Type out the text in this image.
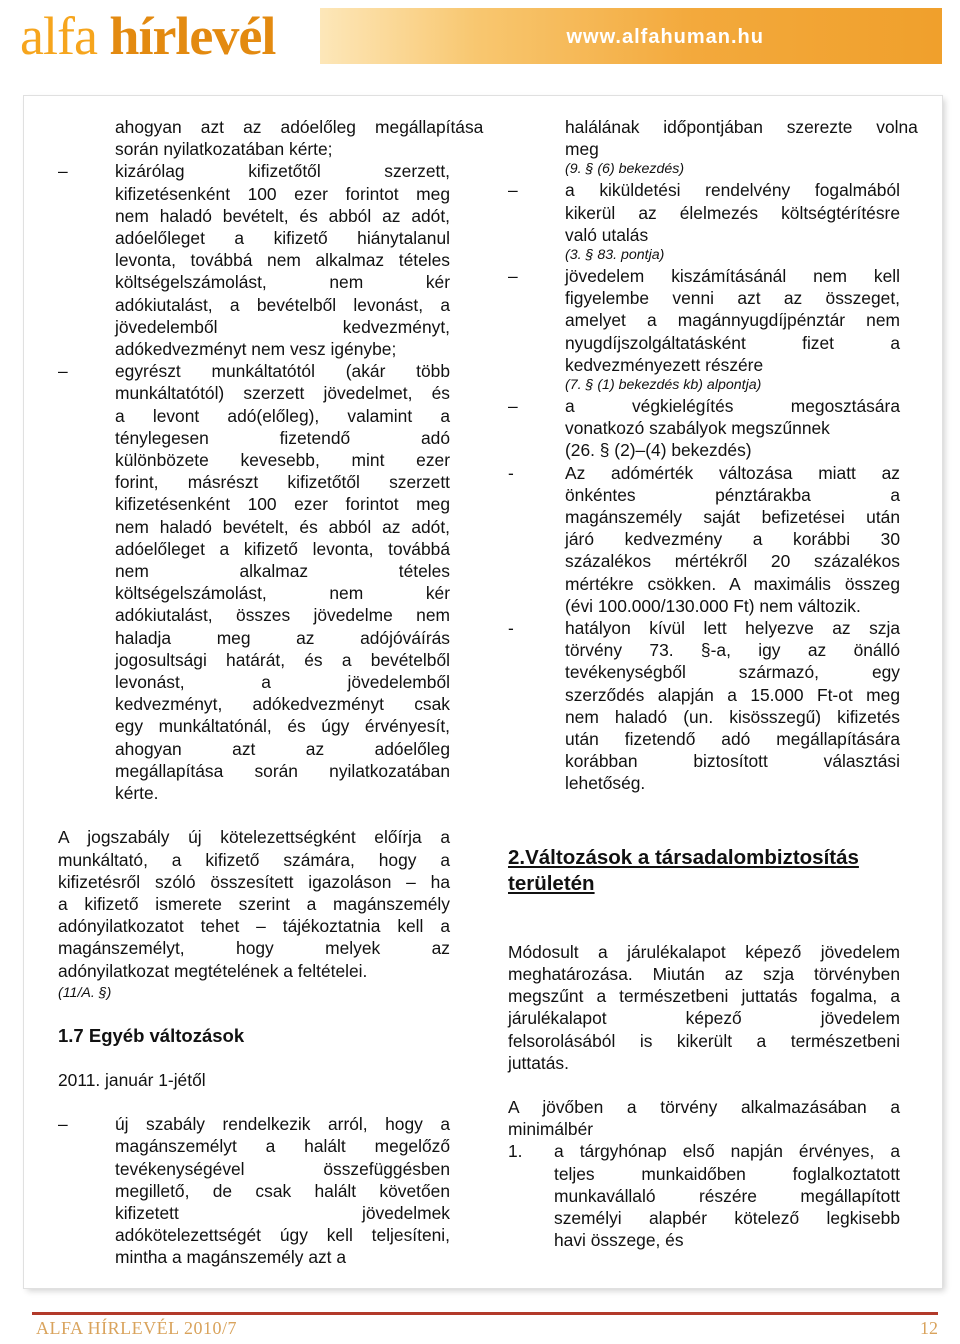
alfa hírlevél	www.alfahuman.hu
ahogyan azt az adóelőleg megállapítása
során nyilatkozatában kérte;
–	kizárólag kifizetőtől szerzett,
kifizetésenként 100 ezer forintot meg
nem haladó bevételt, és abból az adót,
adóelőleget a kifizető hiánytalanul
levonta, továbbá nem alkalmaz tételes
költségelszámolást, nem kér
adókiutalást, a bevételből levonást, a
jövedelemből kedvezményt,
adókedvezményt nem vesz igénybe;
–	egyrészt munkáltatótól (akár több
munkáltatótól) szerzett jövedelmet, és
a levont adó(előleg), valamint a
ténylegesen fizetendő adó
különbözete kevesebb, mint ezer
forint, másrészt kifizetőtől szerzett
kifizetésenként 100 ezer forintot meg
nem haladó bevételt, és abból az adót,
adóelőleget a kifizető levonta, továbbá
nem alkalmaz tételes
költségelszámolást, nem kér
adókiutalást, összes jövedelme nem
haladja meg az adójóváírás
jogosultsági határát, és a bevételből
levonást, a jövedelemből
kedvezményt, adókedvezményt csak
egy munkáltatónál, és úgy érvényesít,
ahogyan azt az adóelőleg
megállapítása során nyilatkozatában
kérte.
A jogszabály új kötelezettségként előírja a
munkáltató, a kifizető számára, hogy a
kifizetésről szóló összesített igazoláson – ha
a kifizető ismerete szerint a magánszemély
adónyilatkozatot tehet – tájékoztatnia kell a
magánszemélyt, hogy melyek az
adónyilatkozat megtételének a feltételei.
(11/A. §)
1.7 Egyéb változások
2011. január 1-jétől
–	új szabály rendelkezik arról, hogy a
magánszemélyt a halált megelőző
tevékenységével összefüggésben
megillető, de csak halált követően
kifizetett jövedelmek
adókötelezettségét úgy kell teljesíteni,
mintha a magánszemély azt a
halálának időpontjában szerezte volna
meg
(9. § (6) bekezdés)
–	a kiküldetési rendelvény fogalmából
kikerül az élelmezés költségtérítésre
való utalás
(3. § 83. pontja)
–	jövedelem kiszámításánál nem kell
figyelembe venni azt az összeget,
amelyet a magánnyugdíjpénztár nem
nyugdíjszolgáltatásként fizet a
kedvezményezett részére
(7. § (1) bekezdés kb) alpontja)
–	a végkielégítés megosztására
vonatkozó szabályok megszűnnek
(26. § (2)–(4) bekezdés)
-	Az adómérték változása miatt az
önkéntes pénztárakba a
magánszemély saját befizetései után
járó kedvezmény a korábbi 30
százalékos mértékről 20 százalékos
mértékre csökken. A maximális összeg
(évi 100.000/130.000 Ft) nem változik.
-	hatályon kívül lett helyezve az szja
törvény 73. §-a, igy az önálló
tevékenységből származó, egy
szerződés alapján a 15.000 Ft-ot meg
nem haladó (un. kisösszegű) kifizetés
után fizetendő adó megállapítására
korábban biztosított választási
lehetőség.
2.Változások a társadalombiztosítás
területén
Módosult a járulékalapot képező jövedelem
meghatározása. Miután az szja törvényben
megszűnt a természetbeni juttatás fogalma, a
járulékalapot képező jövedelem
felsorolásából is kikerült a természetbeni
juttatás.
A jövőben a törvény alkalmazásában a
minimálbér
1. a tárgyhónap első napján érvényes, a
teljes munkaidőben foglalkoztatott
munkavállaló részére megállapított
személyi alapbér kötelező legkisebb
havi összege, és
ALFA HÍRLEVÉL 2010/7	12
